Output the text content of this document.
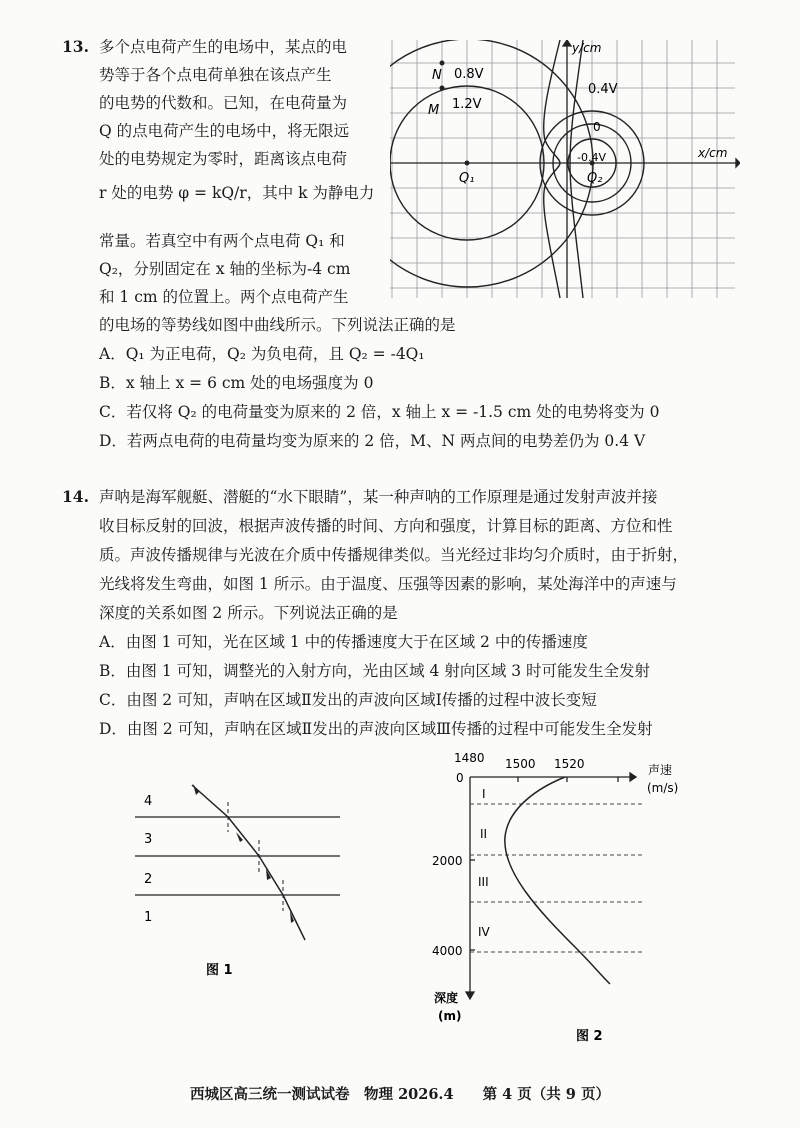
13. 多个点电荷产生的电场中，某点的电
势等于各个点电荷单独在该点产生
的电势的代数和。已知，在电荷量为
Q 的点电荷产生的电场中，将无限远
处的电势规定为零时，距离该点电荷
r 处的电势 φ = kQ/r，其中 k 为静电力
常量。若真空中有两个点电荷 Q₁ 和
Q₂，分别固定在 x 轴的坐标为-4 cm
和 1 cm 的位置上。两个点电荷产生
的电场的等势线如图中曲线所示。下列说法正确的是
A．Q₁ 为正电荷，Q₂ 为负电荷，且 Q₂ = -4Q₁
B．x 轴上 x = 6 cm 处的电场强度为 0
C．若仅将 Q₂ 的电荷量变为原来的 2 倍，x 轴上 x = -1.5 cm 处的电势将变为 0
D．若两点电荷的电荷量均变为原来的 2 倍，M、N 两点间的电势差仍为 0.4 V
N 0.8V
M 1.2V
0.4V
0
-0.4V
Q₁	Q₂
y/cm
x/cm
14. 声呐是海军舰艇、潜艇的“水下眼睛”，某一种声呐的工作原理是通过发射声波并接
收目标反射的回波，根据声波传播的时间、方向和强度，计算目标的距离、方位和性
质。声波传播规律与光波在介质中传播规律类似。当光经过非均匀介质时，由于折射，
光线将发生弯曲，如图 1 所示。由于温度、压强等因素的影响，某处海洋中的声速与
深度的关系如图 2 所示。下列说法正确的是
A．由图 1 可知，光在区域 1 中的传播速度大于在区域 2 中的传播速度
B．由图 1 可知，调整光的入射方向，光由区域 4 射向区域 3 时可能发生全发射
C．由图 2 可知，声呐在区域Ⅱ发出的声波向区域Ⅰ传播的过程中波长变短
D．由图 2 可知，声呐在区域Ⅱ发出的声波向区域Ⅲ传播的过程中可能发生全发射
4
3
2
1
图 1
1480 1500 1520	声速
(m/s)
0
2000
4000
深度
(m)
I
II
III
IV
图 2
西城区高三统一测试试卷　物理 2026.4　　第 4 页（共 9 页）
